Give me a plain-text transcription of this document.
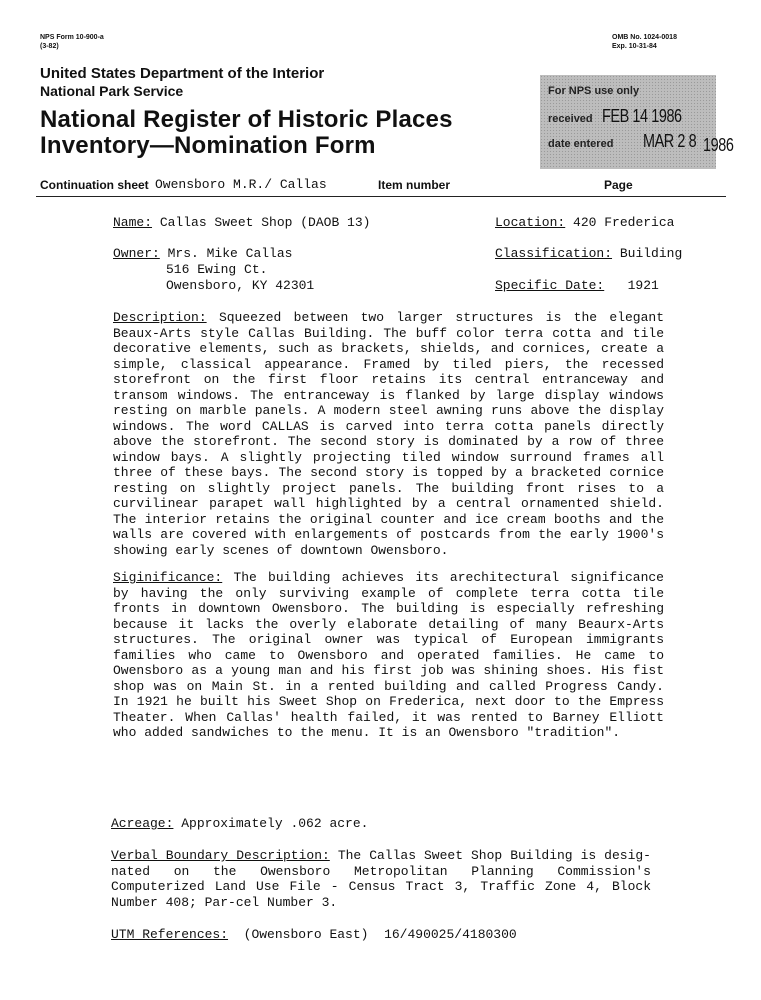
NPS Form 10-900-a
(3-82)
OMB No. 1024-0018
Exp. 10-31-84
United States Department of the Interior
National Park Service
National Register of Historic Places
Inventory—Nomination Form
For NPS use only
received FEB 14 1986
date entered MAR 2 8 1986
Continuation sheet Owensboro M.R./ Callas	Item number	Page
Name: Callas Sweet Shop (DAOB 13)	Location: 420 Frederica
Owner: Mrs. Mike Callas
516 Ewing Ct.
Owensboro, KY 42301
Classification: Building
Specific Date: 1921

Description: Squeezed between two larger structures is the elegant Beaux-Arts style Callas Building. The buff color terra cotta and tile decorative elements, such as brackets, shields, and cornices, create a simple, classical appearance. Framed by tiled piers, the recessed storefront on the first floor retains its central entranceway and transom windows. The entranceway is flanked by large display windows resting on marble panels. A modern steel awning runs above the display windows. The word CALLAS is carved into terra cotta panels directly above the storefront. The second story is dominated by a row of three window bays. A slightly projecting tiled window surround frames all three of these bays. The second story is topped by a bracketed cornice resting on slightly project panels. The building front rises to a curvilinear parapet wall highlighted by a central ornamented shield. The interior retains the original counter and ice cream booths and the walls are covered with enlargements of postcards from the early 1900's showing early scenes of downtown Owensboro.

Siginificance: The building achieves its arechitectural significance by having the only surviving example of complete terra cotta tile fronts in downtown Owensboro. The building is especially refreshing because it lacks the overly elaborate detailing of many Beaurx-Arts structures. The original owner was typical of European immigrants families who came to Owensboro and operated families. He came to Owensboro as a young man and his first job was shining shoes. His fist shop was on Main St. in a rented building and called Progress Candy. In 1921 he built his Sweet Shop on Frederica, next door to the Empress Theater. When Callas' health failed, it was rented to Barney Elliott who added sandwiches to the menu. It is an Owensboro "tradition".

Acreage: Approximately .062 acre.
Verbal Boundary Description: The Callas Sweet Shop Building is desig-nated on the Owensboro Metropolitan Planning Commission's Computerized Land Use File - Census Tract 3, Traffic Zone 4, Block Number 408; Par-cel Number 3.
UTM References: (Owensboro East) 16/490025/4180300
